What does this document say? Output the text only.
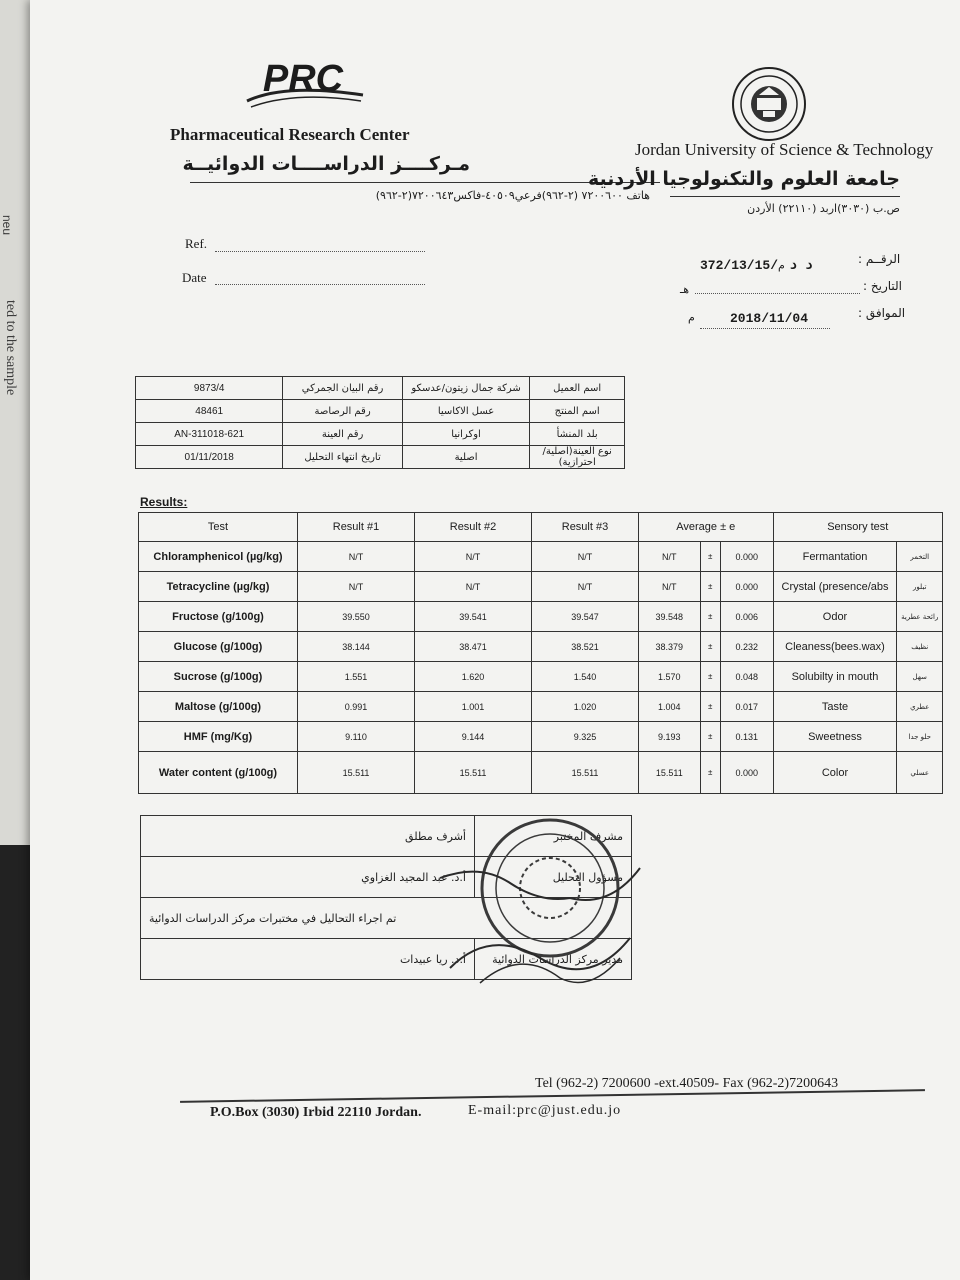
ted to the sample
neu
PRC
Pharmaceutical Research Center
مـركــــز الدراســــات الدوائيــة
هاتف ٧٢٠٠٦٠٠ (٢-٩٦٢)فرعي٤٠٥٠٩-فاكس٧٢٠٠٦٤٣(٢-٩٦٢)
Jordan University of Science & Technology
جامعة العلوم والتكنولوجيا الأردنية
ص.ب (٣٠٣٠)اربد (٢٢١١٠) الأردن
Ref.
Date
الرقــم :
372/13/15/د د م
التاريخ :
هـ
الموافق :
م	2018/11/04
9873/4	رقم البيان الجمركي	شركة جمال زيتون/عدسكو	اسم العميل
48461	رقم الرصاصة	عسل الاكاسيا	اسم المنتج
AN-311018-621	رقم العينة	اوكرانيا	بلد المنشأ
01/11/2018	تاريخ انتهاء التحليل	اصلية	نوع العينة(اصلية/احترازية)
Results:
Test	Result #1	Result #2	Result #3	Average ± e			Sensory test	
Chloramphenicol (µg/kg)	N/T	N/T	N/T	N/T	±	0.000	Fermantation	التخمر
Tetracycline (µg/kg)	N/T	N/T	N/T	N/T	±	0.000	Crystal (presence/abs	تبلور
Fructose (g/100g)	39.550	39.541	39.547	39.548	±	0.006	Odor	رائحة عطرية
Glucose (g/100g)	38.144	38.471	38.521	38.379	±	0.232	Cleaness(bees.wax)	نظيف
Sucrose (g/100g)	1.551	1.620	1.540	1.570	±	0.048	Solubilty in mouth	سهل
Maltose (g/100g)	0.991	1.001	1.020	1.004	±	0.017	Taste	عطري
HMF (mg/Kg)	9.110	9.144	9.325	9.193	±	0.131	Sweetness	حلو جدا
Water content (g/100g)	15.511	15.511	15.511	15.511	±	0.000	Color	عسلي
أشرف مطلق	مشرف المختبر
أ.د. عبد المجيد الغزاوي	مسؤول التحليل
تم اجراء التحاليل في مختبرات مركز الدراسات الدوائية	
أ.د. ريا عبيدات	مدير مركز الدراسات الدوائية
P.O.Box (3030) Irbid 22110 Jordan.
Tel (962-2) 7200600 -ext.40509- Fax (962-2)7200643
E-mail:prc@just.edu.jo
